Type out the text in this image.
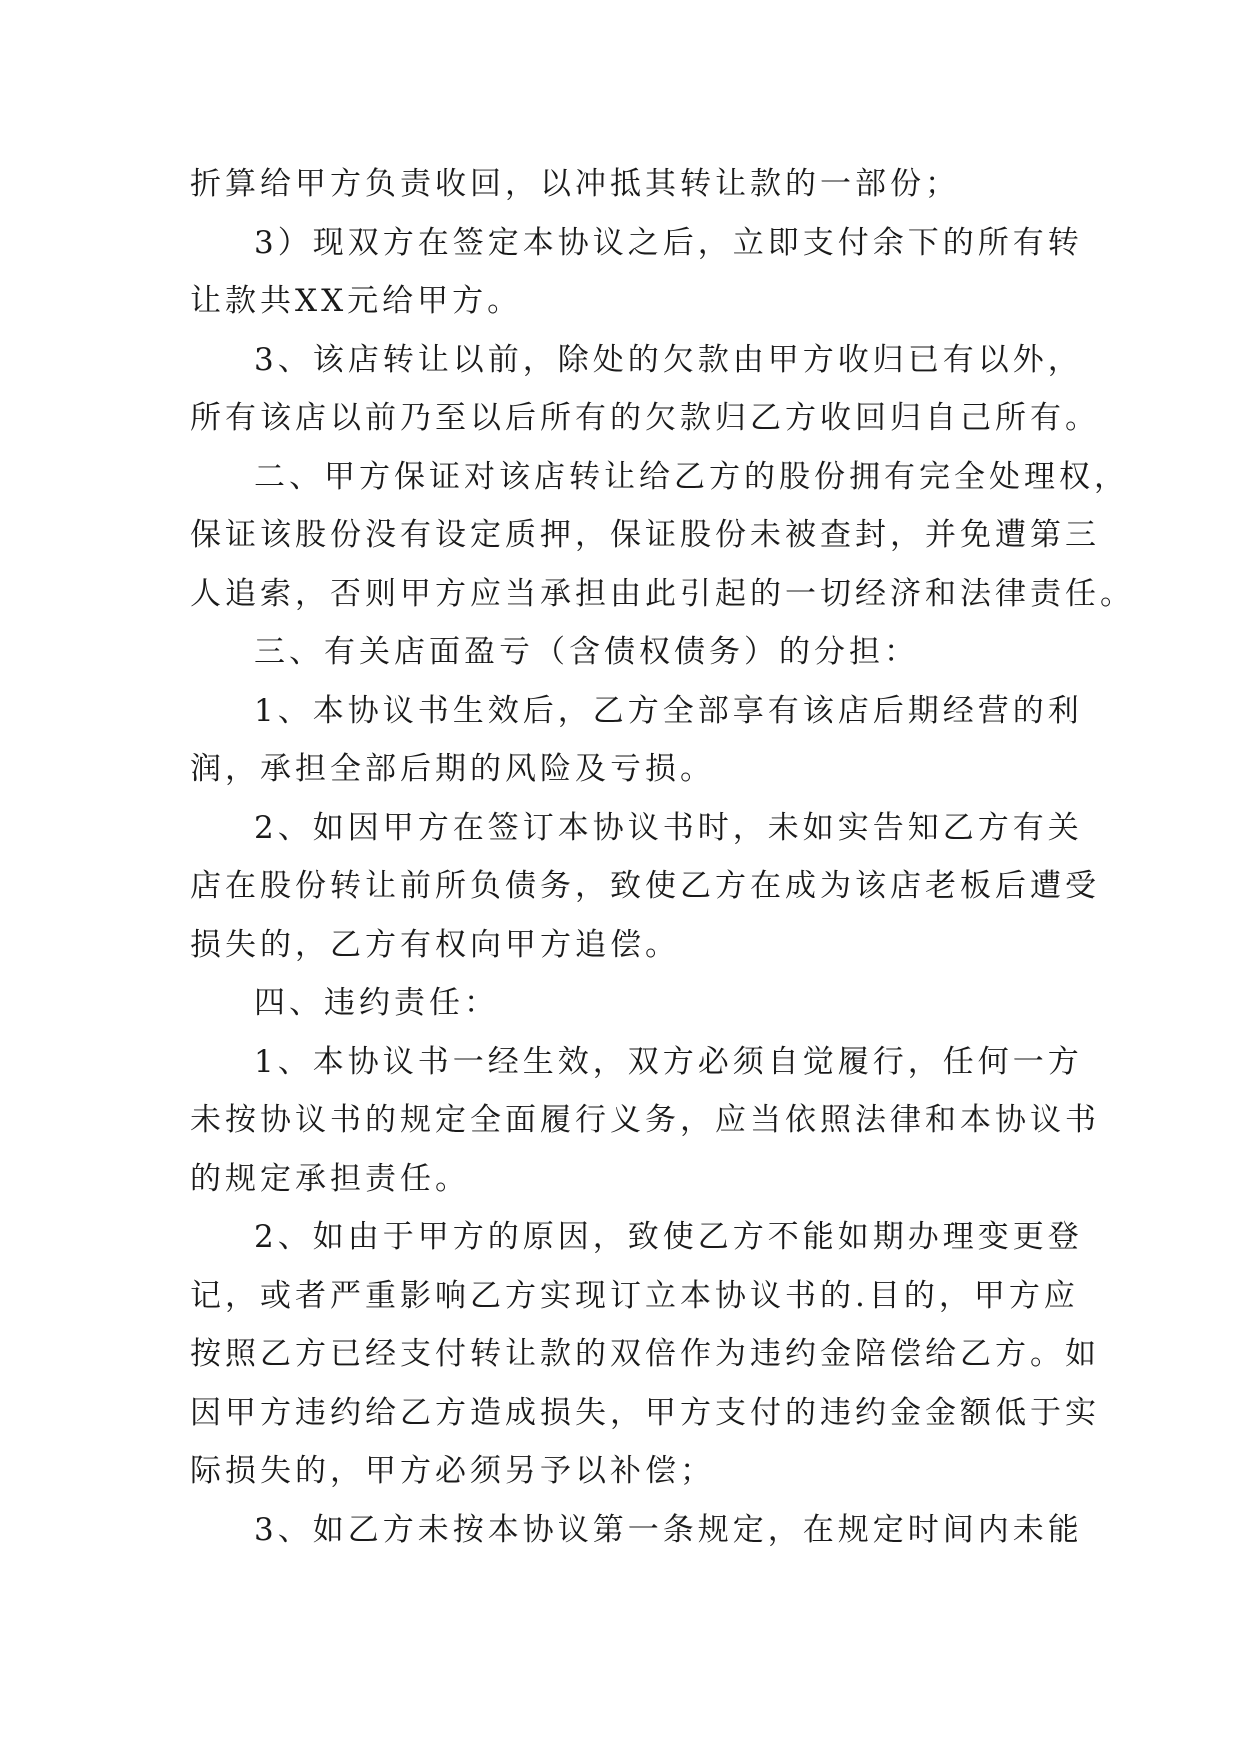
折算给甲方负责收回，以冲抵其转让款的一部份；
3）现双方在签定本协议之后，立即支付余下的所有转
让款共XX元给甲方。
3、该店转让以前，除处的欠款由甲方收归已有以外，
所有该店以前乃至以后所有的欠款归乙方收回归自己所有。
二、甲方保证对该店转让给乙方的股份拥有完全处理权，
保证该股份没有设定质押，保证股份未被查封，并免遭第三
人追索，否则甲方应当承担由此引起的一切经济和法律责任。
三、有关店面盈亏（含债权债务）的分担：
1、本协议书生效后，乙方全部享有该店后期经营的利
润，承担全部后期的风险及亏损。
2、如因甲方在签订本协议书时，未如实告知乙方有关
店在股份转让前所负债务，致使乙方在成为该店老板后遭受
损失的，乙方有权向甲方追偿。
四、违约责任：
1、本协议书一经生效，双方必须自觉履行，任何一方
未按协议书的规定全面履行义务，应当依照法律和本协议书
的规定承担责任。
2、如由于甲方的原因，致使乙方不能如期办理变更登
记，或者严重影响乙方实现订立本协议书的.目的，甲方应
按照乙方已经支付转让款的双倍作为违约金陪偿给乙方。如
因甲方违约给乙方造成损失，甲方支付的违约金金额低于实
际损失的，甲方必须另予以补偿；
3、如乙方未按本协议第一条规定，在规定时间内未能
